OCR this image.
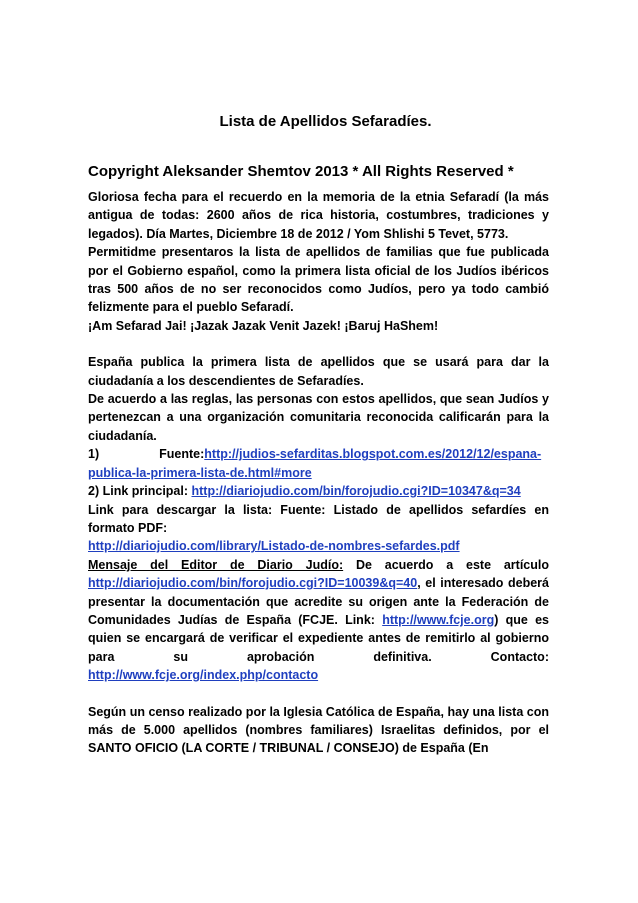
Lista de Apellidos Sefaradíes.
Copyright Aleksander Shemtov 2013 * All Rights Reserved *

Gloriosa fecha para el recuerdo en la memoria de la etnia Sefaradí (la más antigua de todas: 2600 años de rica historia, costumbres, tradiciones y legados). Día Martes, Diciembre 18 de 2012 / Yom Shlishi 5 Tevet, 5773.

Permitidme presentaros la lista de apellidos de familias que fue publicada por el Gobierno español, como la primera lista oficial de los Judíos ibéricos tras 500 años de no ser reconocidos como Judíos, pero ya todo cambió felizmente para el pueblo Sefaradí.

¡Am Sefarad Jai! ¡Jazak Jazak Venit Jazek! ¡Baruj HaShem!

España publica la primera lista de apellidos que se usará para dar la ciudadanía a los descendientes de Sefaradíes.

De acuerdo a las reglas, las personas con estos apellidos, que sean Judíos y pertenezcan a una organización comunitaria reconocida calificarán para la ciudadanía.

1)	Fuente:http://judios-sefarditas.blogspot.com.es/2012/12/espana-publica-la-primera-lista-de.html#more

2) Link principal: http://diariojudio.com/bin/forojudio.cgi?ID=10347&q=34

Link para descargar la lista: Fuente: Listado de apellidos sefardíes en formato PDF:
http://diariojudio.com/library/Listado-de-nombres-sefardes.pdf

Mensaje del Editor de Diario Judío: De acuerdo a este artículo http://diariojudio.com/bin/forojudio.cgi?ID=10039&q=40, el interesado deberá presentar la documentación que acredite su origen ante la Federación de Comunidades Judías de España (FCJE. Link: http://www.fcje.org) que es quien se encargará de verificar el expediente antes de remitirlo al gobierno para su aprobación definitiva. Contacto: http://www.fcje.org/index.php/contacto

Según un censo realizado por la Iglesia Católica de España, hay una lista con más de 5.000 apellidos (nombres familiares) Israelitas definidos, por el SANTO OFICIO (LA CORTE / TRIBUNAL / CONSEJO) de España (En
